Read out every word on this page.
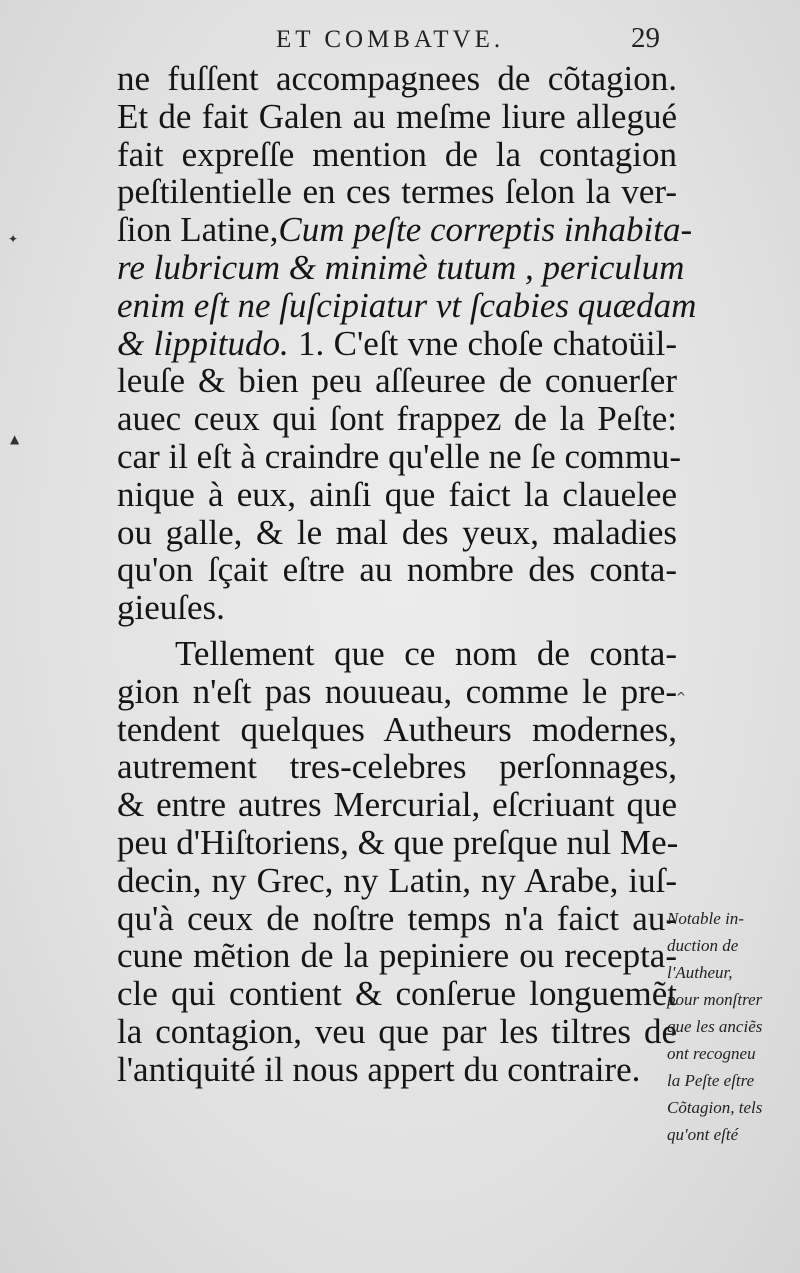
ET COMBATVE.	29
ne fuſſent accompagnees de cõtagion.
Et de fait Galen au meſme liure allegué
fait expreſſe mention de la contagion
peſtilentielle en ces termes ſelon la ver-
ſion Latine,Cum peſte correptis inhabita-
re lubricum & minimè tutum , periculum
enim eſt ne ſuſcipiatur vt ſcabies quædam
& lippitudo. 1. C'eſt vne choſe chatoüil-
leuſe & bien peu aſſeuree de conuerſer
auec ceux qui ſont frappez de la Peſte:
car il eſt à craindre qu'elle ne ſe commu-
nique à eux, ainſi que faict la clauelee
ou galle, & le mal des yeux, maladies
qu'on ſçait eſtre au nombre des conta-
gieuſes.
Tellement que ce nom de conta-
gion n'eſt pas nouueau, comme le pre-
tendent quelques Autheurs modernes,
autrement tres-celebres perſonnages,
& entre autres Mercurial, eſcriuant que
peu d'Hiſtoriens, & que preſque nul Me-
decin, ny Grec, ny Latin, ny Arabe, iuſ-
qu'à ceux de noſtre temps n'a faict au-
cune mẽtion de la pepiniere ou recepta-
cle qui contient & conſerue longuemẽt
la contagion, veu que par les tiltres de
l'antiquité il nous appert du contraire.
Notable in-
duction de
l'Autheur,
pour monſtrer
que les anciẽs
ont recogneu
la Peſte eſtre
Cõtagion, tels
qu'ont eſté
✦
▲
^
